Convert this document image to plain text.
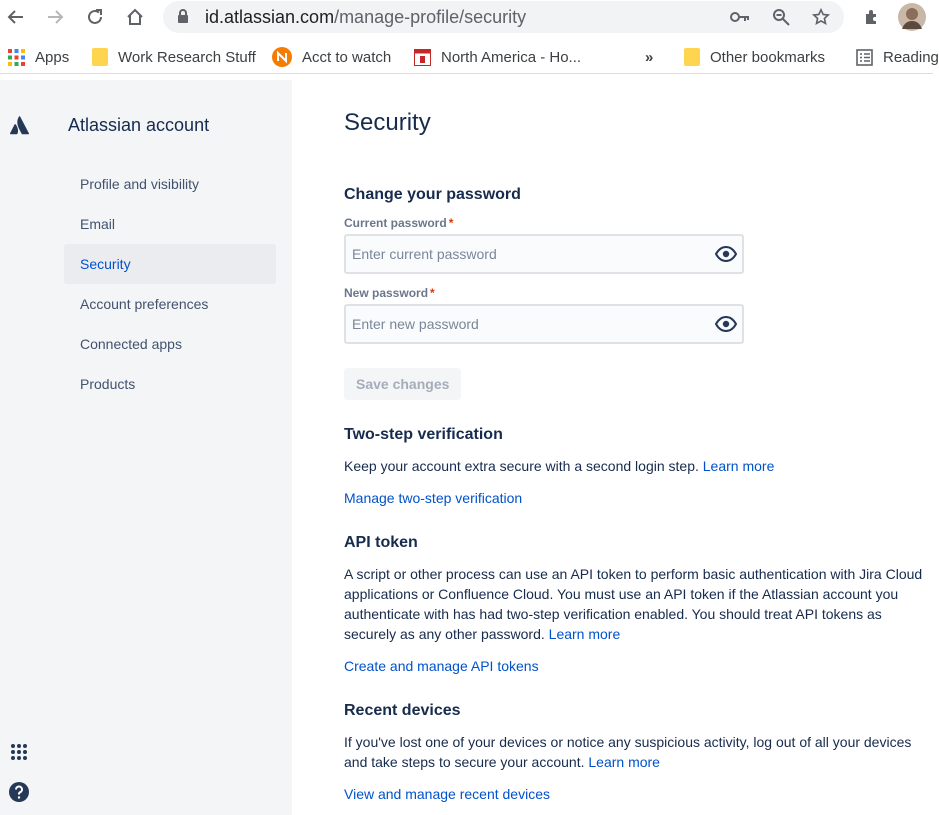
id.atlassian.com/manage-profile/security
Apps	Work Research Stuff	Acct to watch	North America - Ho...	»	Other bookmarks	Reading
Atlassian account
Profile and visibility
Email
Security
Account preferences
Connected apps
Products
Security
Change your password
Current password *
New password *
Save changes
Two-step verification
Keep your account extra secure with a second login step. Learn more
Manage two-step verification
API token
A script or other process can use an API token to perform basic authentication with Jira Cloud applications or Confluence Cloud. You must use an API token if the Atlassian account you authenticate with has had two-step verification enabled. You should treat API tokens as securely as any other password. Learn more
Create and manage API tokens
Recent devices
If you've lost one of your devices or notice any suspicious activity, log out of all your devices and take steps to secure your account. Learn more
View and manage recent devices
